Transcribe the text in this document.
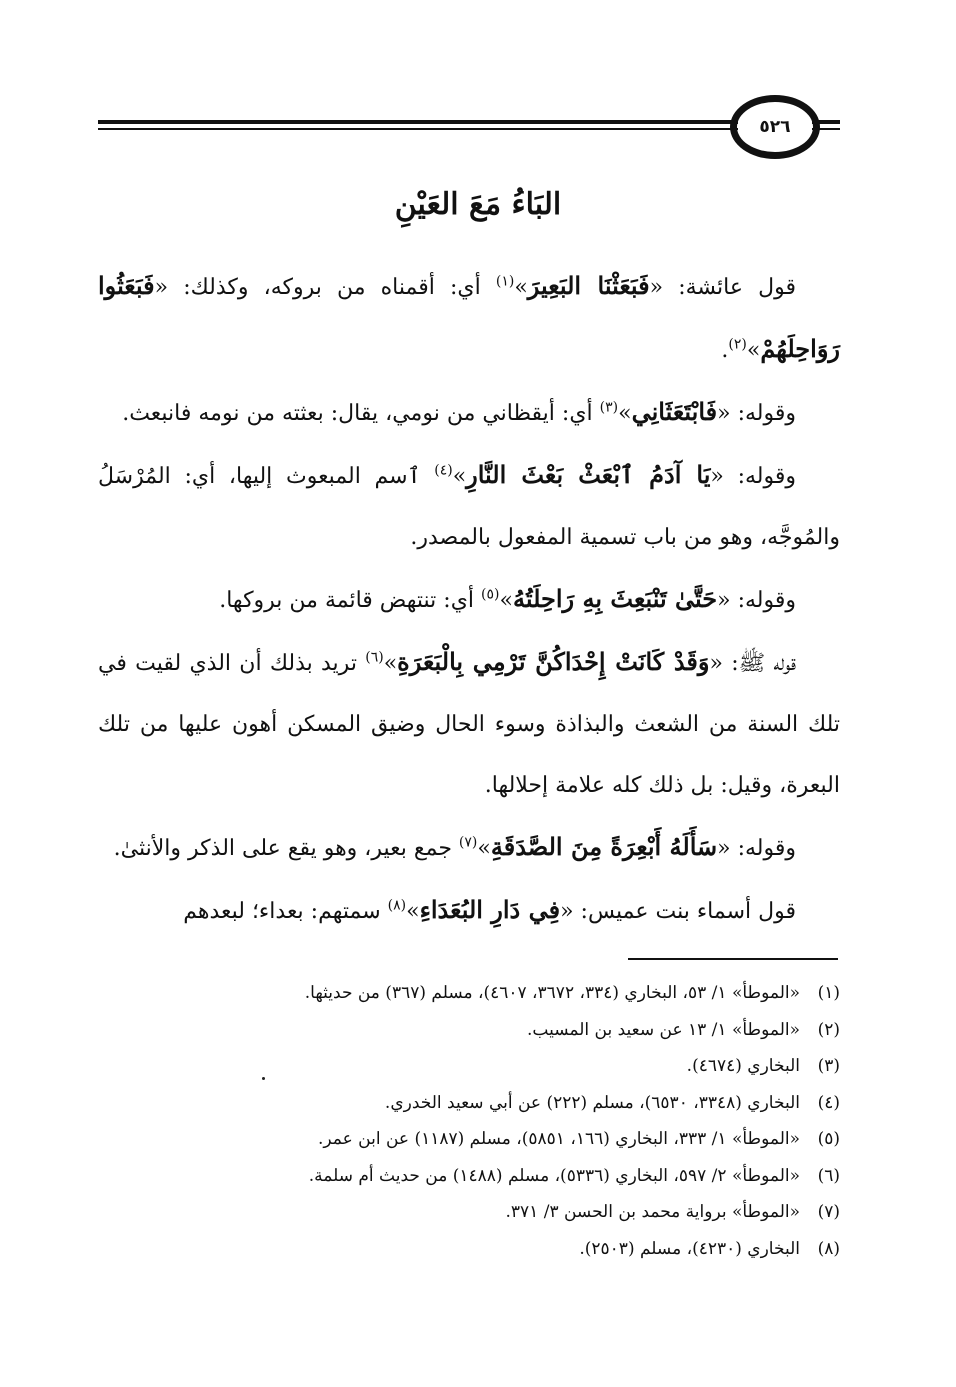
٥٢٦
البَاءُ مَعَ العَيْنِ

قول عائشة: «فَبَعَثْنَا البَعِيرَ»$^{(١)}$ أي: أقمناه من بروكه، وكذلك: «فَبَعَثُوا رَوَاحِلَهُمْ»$^{(٢)}$.

وقوله: «فَابْتَعَثَانِي»$^{(٣)}$ أي: أيقظاني من نومي، يقال: بعثته من نومه فانبعث.

وقوله: «يَا آدَمُ ٱبْعَثْ بَعْثَ النَّارِ»$^{(٤)}$ ٱسم المبعوث إليها، أي: المُرْسَلُ والمُوجَّه، وهو من باب تسمية المفعول بالمصدر.

وقوله: «حَتَّىٰ تَنْبَعِثَ بِهِ رَاحِلَتُهُ»$^{(٥)}$ أي: تنتهض قائمة من بروكها.

قوله ﷺ: «وَقَدْ كَانَتْ إِحْدَاكُنَّ تَرْمِي بِالْبَعَرَةِ»$^{(٦)}$ تريد بذلك أن الذي لقيت في تلك السنة من الشعث والبذاذة وسوء الحال وضيق المسكن أهون عليها من تلك البعرة، وقيل: بل ذلك كله علامة إحلالها.

وقوله: «سَأَلَهُ أَبْعِرَةً مِنَ الصَّدَقَةِ»$^{(٧)}$ جمع بعير، وهو يقع على الذكر والأنثىٰ.

قول أسماء بنت عميس: «فِي دَارِ البُعَدَاءِ»$^{(٨)}$ سمتهم: بعداء؛ لبعدهم

(١)«الموطأ» ١/ ٥٣، البخاري (٣٣٤، ٣٦٧٢، ٤٦٠٧)، مسلم (٣٦٧) من حديثها.
(٢)«الموطأ» ١/ ١٣ عن سعيد بن المسيب.
(٣)البخاري (٤٦٧٤).
(٤)البخاري (٣٣٤٨، ٦٥٣٠)، مسلم (٢٢٢) عن أبي سعيد الخدري.
(٥)«الموطأ» ١/ ٣٣٣، البخاري (١٦٦، ٥٨٥١)، مسلم (١١٨٧) عن ابن عمر.
(٦)«الموطأ» ٢/ ٥٩٧، البخاري (٥٣٣٦)، مسلم (١٤٨٨) من حديث أم سلمة.
(٧)«الموطأ» برواية محمد بن الحسن ٣/ ٣٧١.
(٨)البخاري (٤٢٣٠)، مسلم (٢٥٠٣).
